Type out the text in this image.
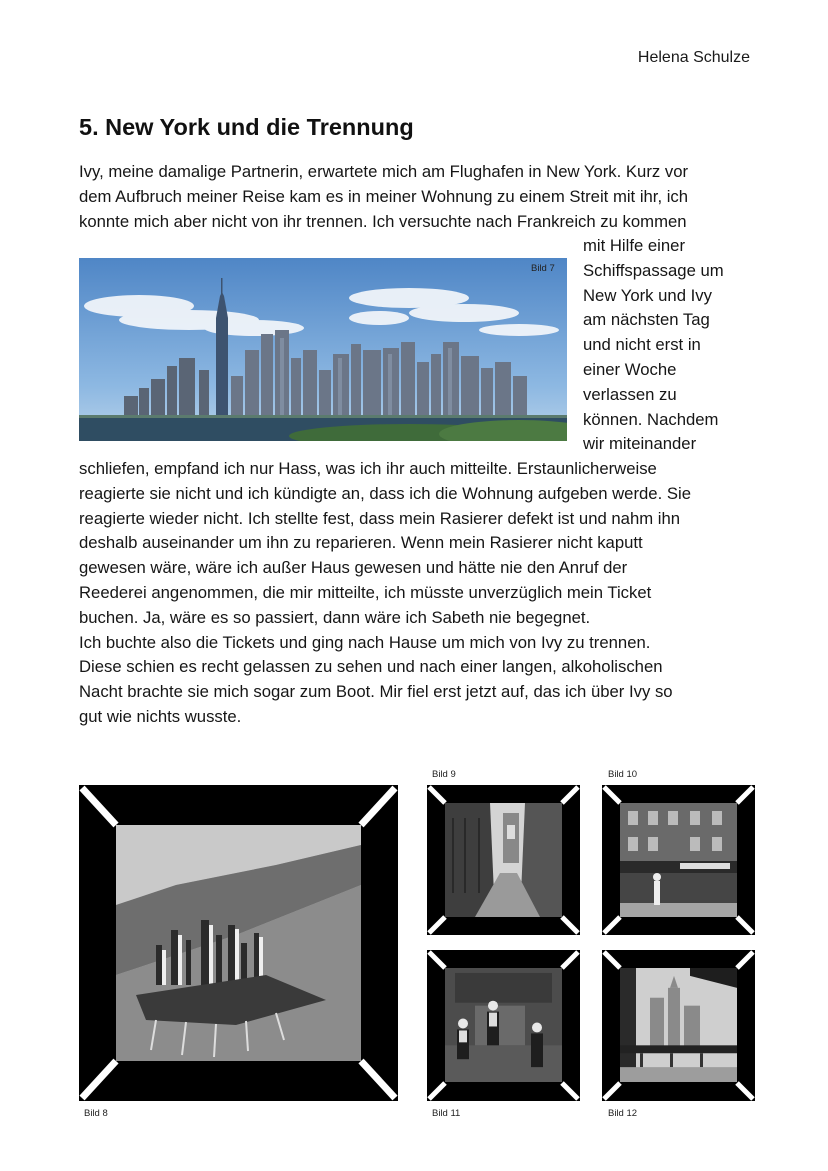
Helena Schulze
5. New York und die Trennung
Ivy, meine damalige Partnerin, erwartete mich am Flughafen in New York. Kurz vor
dem Aufbruch meiner Reise kam es in meiner Wohnung zu einem Streit mit ihr, ich
konnte mich aber nicht von ihr trennen. Ich versuchte nach Frankreich zu kommen
Bild 7
mit Hilfe einer
Schiffspassage um
New York und Ivy
am nächsten Tag
und nicht erst in
einer Woche
verlassen zu
können. Nachdem
wir miteinander
schliefen, empfand ich nur Hass, was ich ihr auch mitteilte. Erstaunlicherweise
reagierte sie nicht und ich kündigte an, dass ich die Wohnung aufgeben werde. Sie
reagierte wieder nicht. Ich stellte fest, dass mein Rasierer defekt ist und nahm ihn
deshalb auseinander um ihn zu reparieren. Wenn mein Rasierer nicht kaputt
gewesen wäre, wäre ich außer Haus gewesen und hätte nie den Anruf der
Reederei angenommen, die mir mitteilte, ich müsste unverzüglich mein Ticket
buchen. Ja, wäre es so passiert, dann wäre ich Sabeth nie begegnet.
Ich buchte also die Tickets und ging nach Hause um mich von Ivy zu trennen.
Diese schien es recht gelassen zu sehen und nach einer langen, alkoholischen
Nacht brachte sie mich sogar zum Boot. Mir fiel erst jetzt auf, das ich über Ivy so
gut wie nichts wusste.
Bild 8
Bild 9	Bild 10
Bild 11	Bild 12
